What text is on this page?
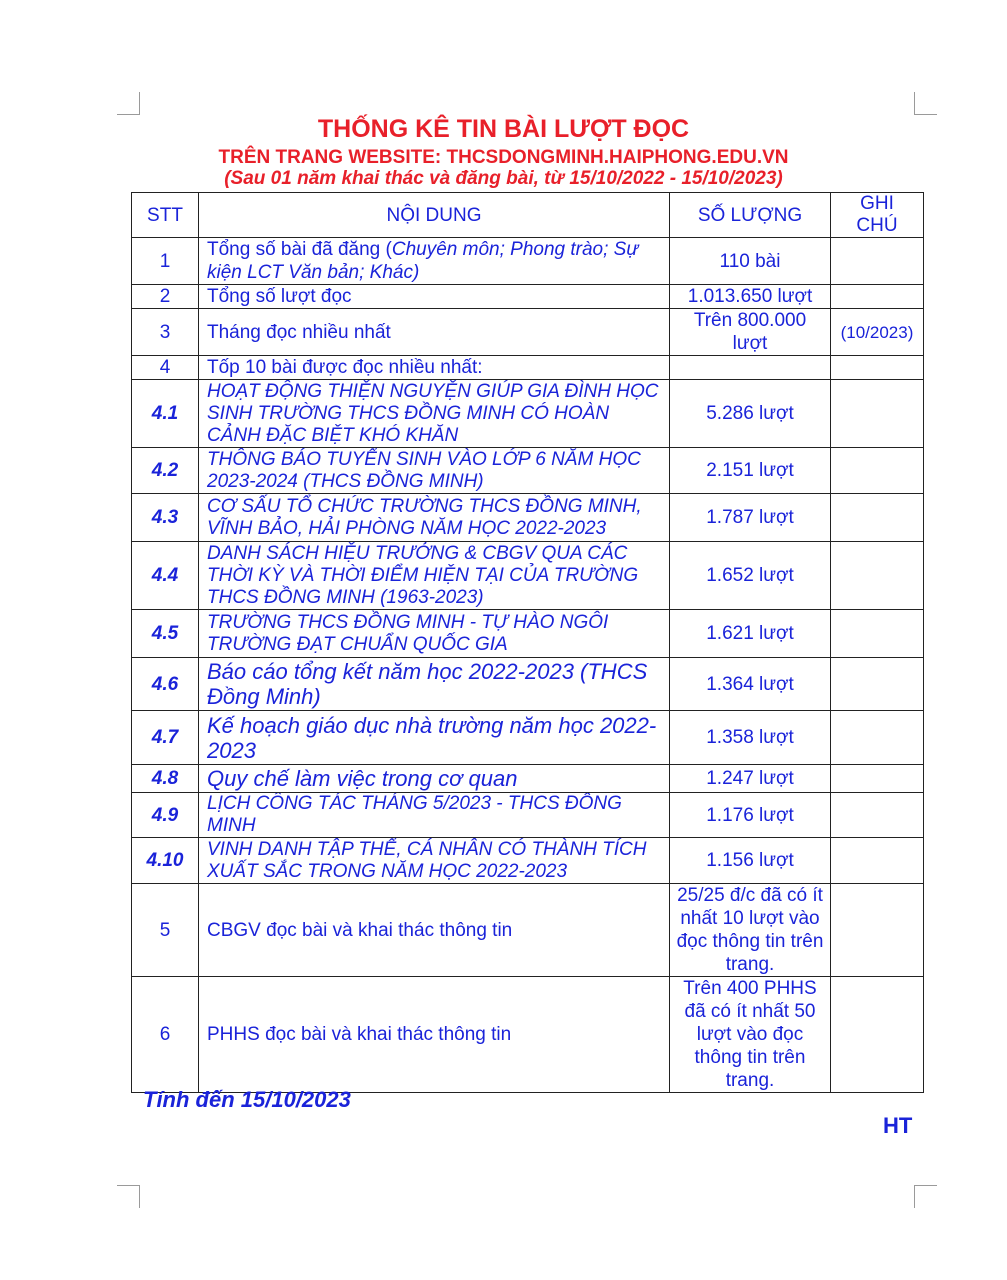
THỐNG KÊ TIN BÀI LƯỢT ĐỌC
TRÊN TRANG WEBSITE: THCSDONGMINH.HAIPHONG.EDU.VN
(Sau 01 năm khai thác và đăng bài, từ 15/10/2022 - 15/10/2023)
STT	NỘI DUNG	SỐ LƯỢNG	GHI CHÚ
1	Tổng số bài đã đăng (Chuyên môn; Phong trào; Sự kiện LCT Văn bản; Khác)	110 bài	
2	Tổng số lượt đọc	1.013.650 lượt	
3	Tháng đọc nhiều nhất	Trên 800.000 lượt	(10/2023)
4	Tốp 10 bài được đọc nhiều nhất:		
4.1	HOẠT ĐỘNG THIỆN NGUYỆN GIÚP GIA ĐÌNH HỌC SINH TRƯỜNG THCS ĐỒNG MINH CÓ HOÀN CẢNH ĐẶC BIỆT KHÓ KHĂN	5.286 lượt	
4.2	THÔNG BÁO TUYỂN SINH VÀO LỚP 6 NĂM HỌC 2023-2024 (THCS ĐỒNG MINH)	2.151 lượt	
4.3	CƠ SẤU TỔ CHỨC TRƯỜNG THCS ĐỒNG MINH, VĨNH BẢO, HẢI PHÒNG NĂM HỌC 2022-2023	1.787 lượt	
4.4	DANH SÁCH HIỆU TRƯỞNG & CBGV QUA CÁC THỜI KỲ VÀ THỜI ĐIỂM HIỆN TẠI CỦA TRƯỜNG THCS ĐỒNG MINH (1963-2023)	1.652 lượt	
4.5	TRƯỜNG THCS ĐỒNG MINH - TỰ HÀO NGÔI TRƯỜNG ĐẠT CHUẨN QUỐC GIA	1.621 lượt	
4.6	Báo cáo tổng kết năm học 2022-2023 (THCS Đồng Minh)	1.364 lượt	
4.7	Kế hoạch giáo dục nhà trường năm học 2022-2023	1.358 lượt	
4.8	Quy chế làm việc trong cơ quan	1.247 lượt	
4.9	LỊCH CÔNG TÁC THÁNG 5/2023 - THCS ĐỒNG MINH	1.176 lượt	
4.10	VINH DANH TẬP THỂ, CÁ NHÂN CÓ THÀNH TÍCH XUẤT SẮC TRONG NĂM HỌC 2022-2023	1.156 lượt	
5	CBGV đọc bài và khai thác thông tin	25/25 đ/c đã có ít nhất 10 lượt vào đọc thông tin trên trang.	
6	PHHS đọc bài và khai thác thông tin	Trên 400 PHHS đã có ít nhất 50 lượt vào đọc thông tin trên trang.	
Tính đến 15/10/2023
HT
